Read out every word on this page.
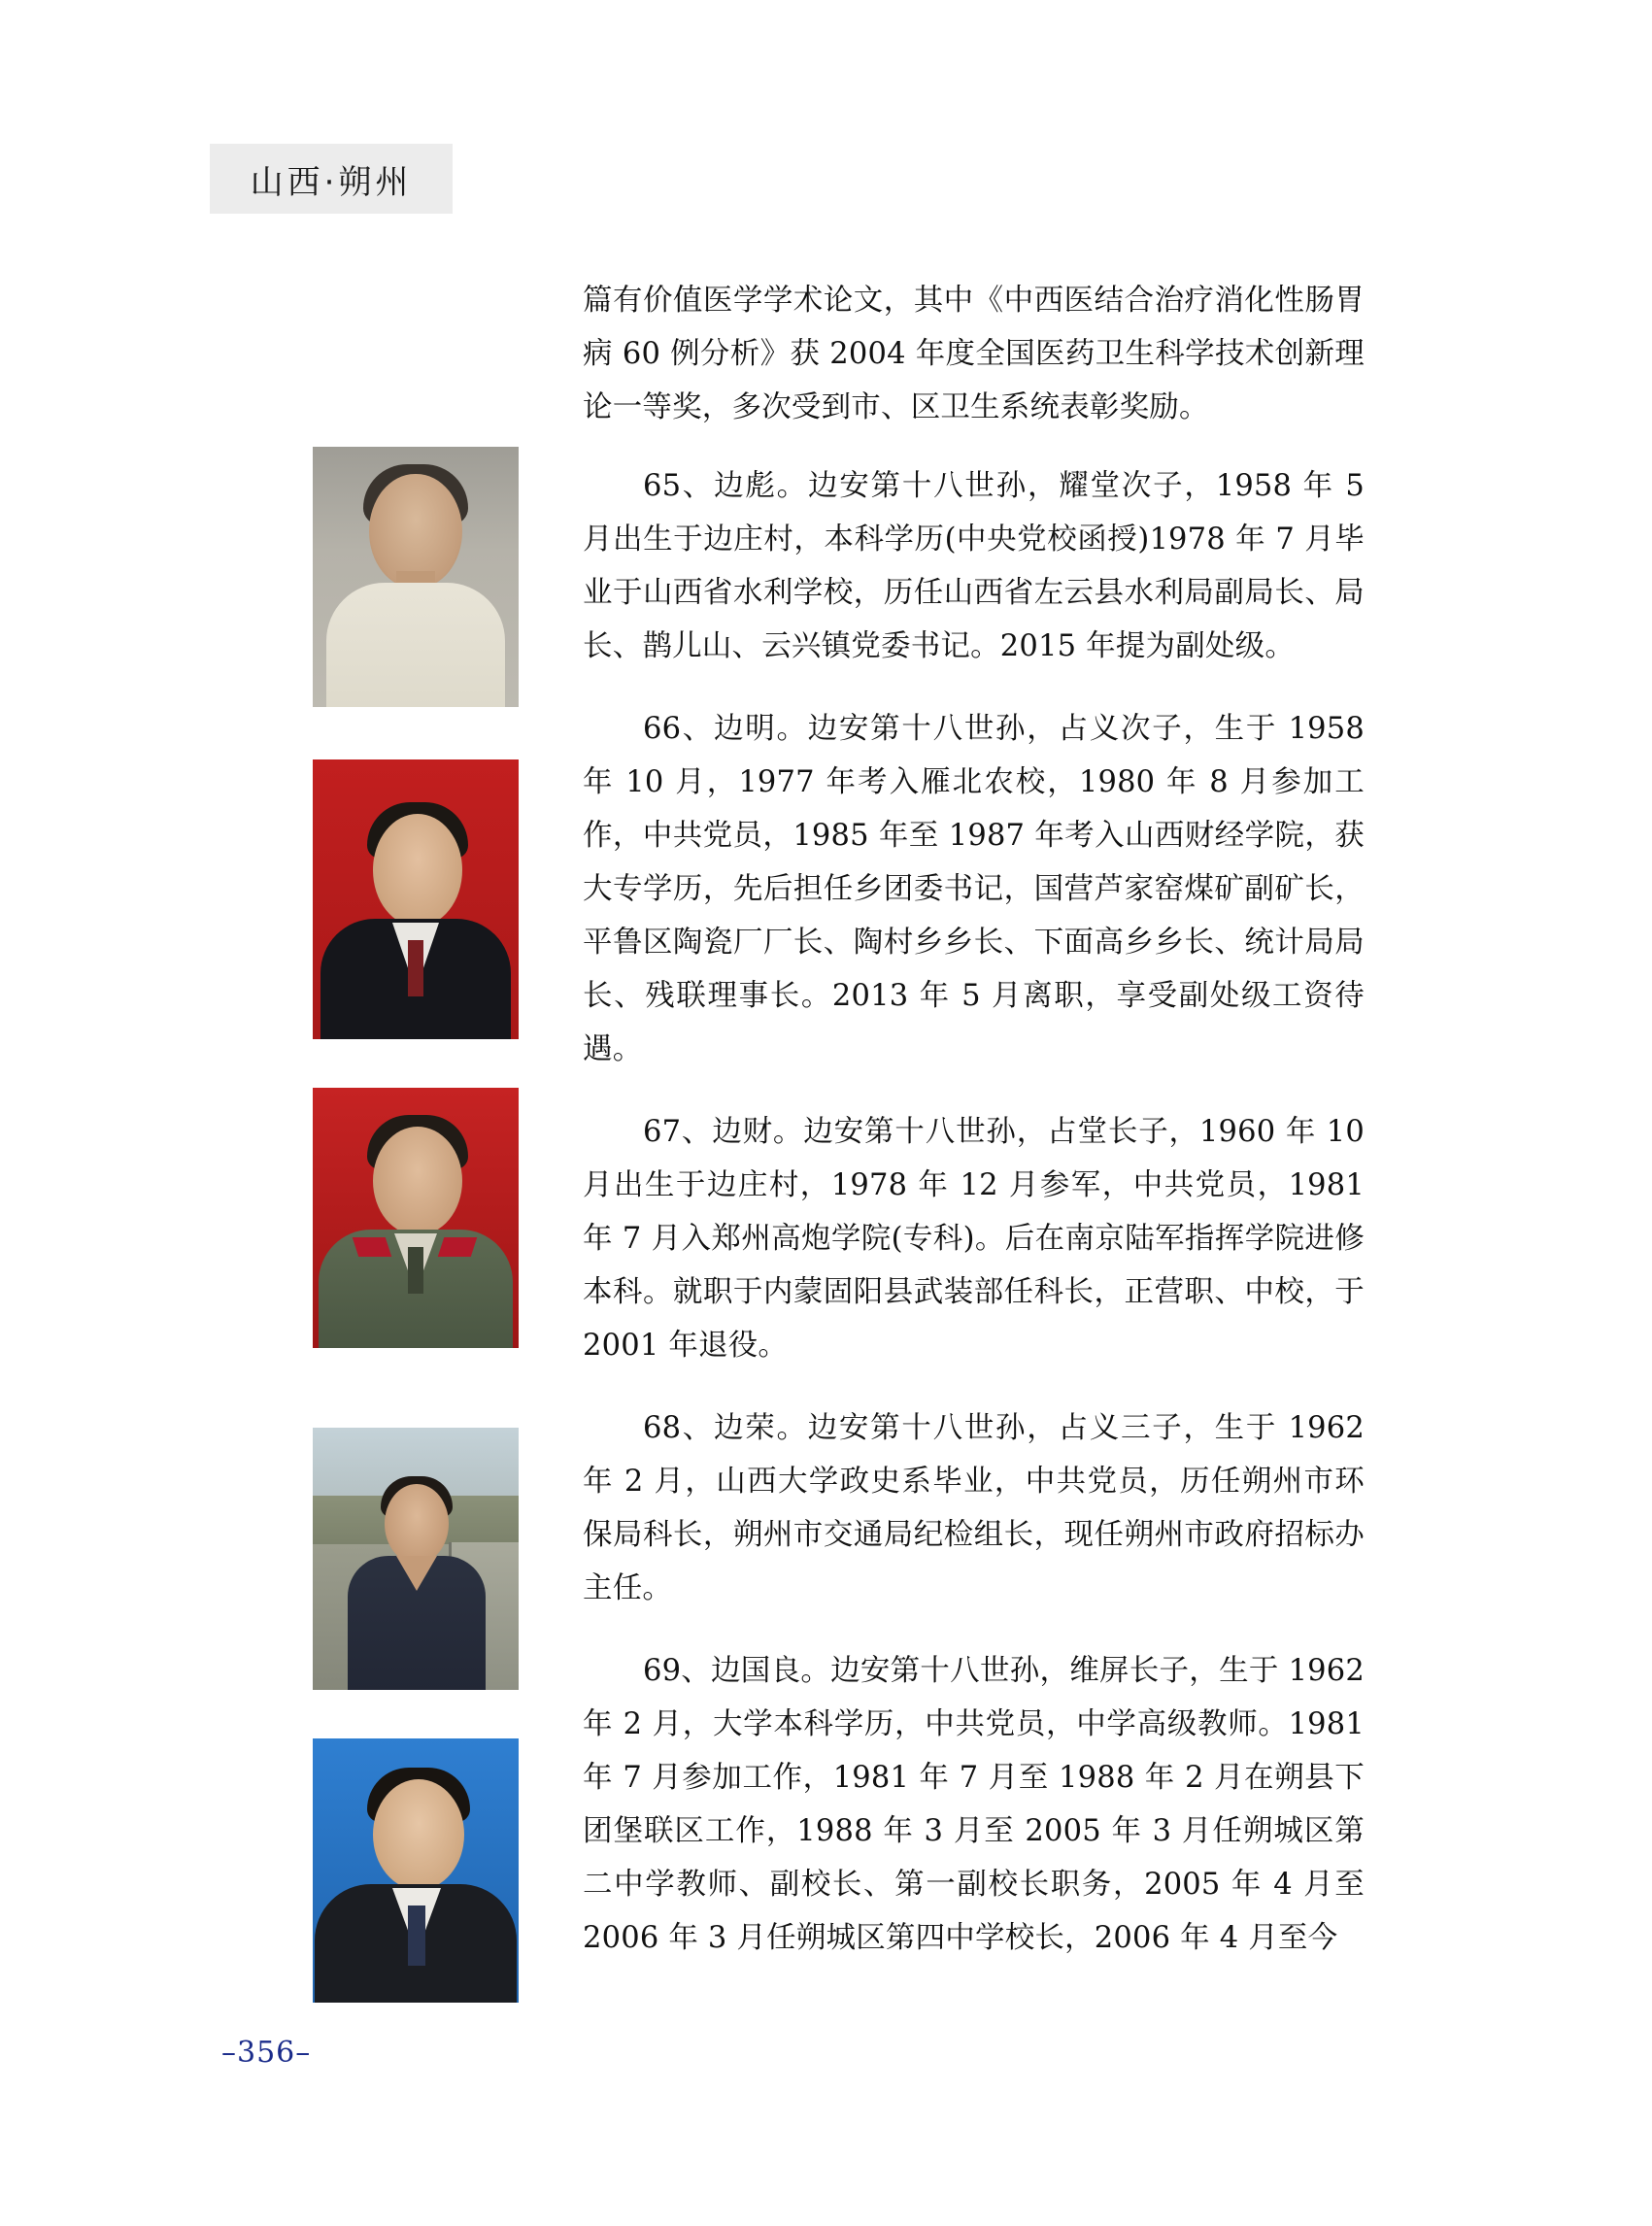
山西·朔州

篇有价值医学学术论文，其中《中西医结合治疗消化性肠胃病 60 例分析》获 2004 年度全国医药卫生科学技术创新理论一等奖，多次受到市、区卫生系统表彰奖励。

65、边彪。边安第十八世孙，耀堂次子，1958 年 5 月出生于边庄村，本科学历(中央党校函授)1978 年 7 月毕业于山西省水利学校，历任山西省左云县水利局副局长、局长、鹊儿山、云兴镇党委书记。2015 年提为副处级。

66、边明。边安第十八世孙，占义次子，生于 1958 年 10 月，1977 年考入雁北农校，1980 年 8 月参加工作，中共党员，1985 年至 1987 年考入山西财经学院，获大专学历，先后担任乡团委书记，国营芦家窑煤矿副矿长，平鲁区陶瓷厂厂长、陶村乡乡长、下面高乡乡长、统计局局长、残联理事长。2013 年 5 月离职，享受副处级工资待遇。

67、边财。边安第十八世孙，占堂长子，1960 年 10 月出生于边庄村，1978 年 12 月参军，中共党员，1981 年 7 月入郑州高炮学院(专科)。后在南京陆军指挥学院进修本科。就职于内蒙固阳县武装部任科长，正营职、中校，于 2001 年退役。

68、边荣。边安第十八世孙，占义三子，生于 1962 年 2 月，山西大学政史系毕业，中共党员，历任朔州市环保局科长，朔州市交通局纪检组长，现任朔州市政府招标办主任。

69、边国良。边安第十八世孙，维屏长子，生于 1962 年 2 月，大学本科学历，中共党员，中学高级教师。1981 年 7 月参加工作，1981 年 7 月至 1988 年 2 月在朔县下团堡联区工作，1988 年 3 月至 2005 年 3 月任朔城区第二中学教师、副校长、第一副校长职务，2005 年 4 月至 2006 年 3 月任朔城区第四中学校长，2006 年 4 月至今

–356–
